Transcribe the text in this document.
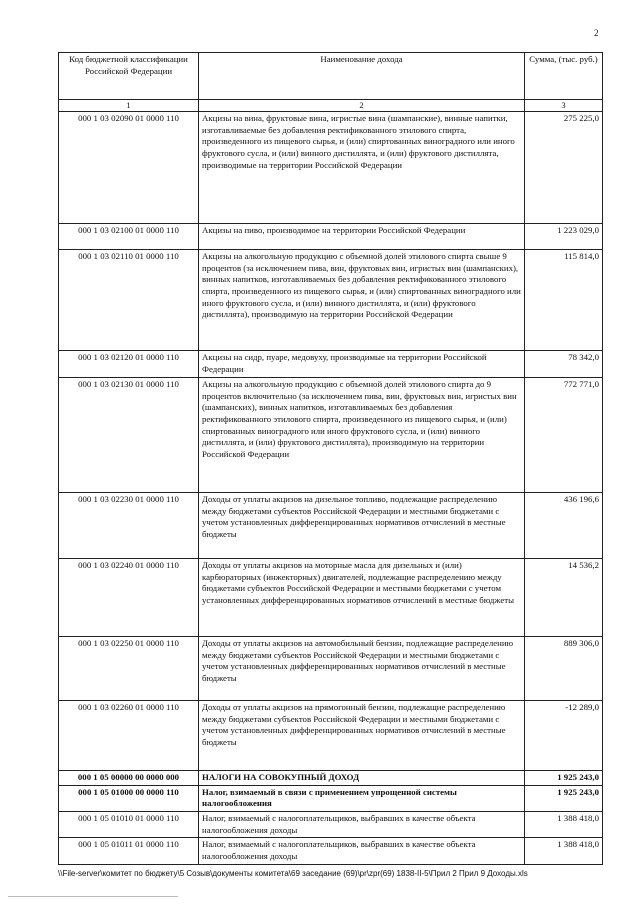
2
Код бюджетной классификации Российской Федерации	Наименование дохода	Сумма, (тыс. руб.)
1	2	3
000 1 03 02090 01 0000 110	Акцизы на вина, фруктовые вина, игристые вина (шампанские), винные напитки, изготавливаемые без добавления ректификованного этилового спирта, произведенного из пищевого сырья, и (или) спиртованных виноградного или иного фруктового сусла, и (или) винного дистиллята, и (или) фруктового дистиллята, производимые на территории Российской Федерации	275 225,0
000 1 03 02100 01 0000 110	Акцизы на пиво, производимое на территории Российской Федерации	1 223 029,0
000 1 03 02110 01 0000 110	Акцизы на алкогольную продукцию с объемной долей этилового спирта свыше 9 процентов (за исключением пива, вин, фруктовых вин, игристых вин (шампанских), винных напитков, изготавливаемых без добавления ректификованного этилового спирта, произведенного из пищевого сырья, и (или) спиртованных виноградного или иного фруктового сусла, и (или) винного дистиллята, и (или) фруктового дистиллята), производимую на территории Российской Федерации	115 814,0
000 1 03 02120 01 0000 110	Акцизы на сидр, пуаре, медовуху, производимые на территории Российской Федерации	78 342,0
000 1 03 02130 01 0000 110	Акцизы на алкогольную продукцию с объемной долей этилового спирта до 9 процентов включительно (за исключением пива, вин, фруктовых вин, игристых вин (шампанских), винных напитков, изготавливаемых без добавления ректификованного этилового спирта, произведенного из пищевого сырья, и (или) спиртованных виноградного или иного фруктового сусла, и (или) винного дистиллята, и (или) фруктового дистиллята), производимую на территории Российской Федерации	772 771,0
000 1 03 02230 01 0000 110	Доходы от уплаты акцизов на дизельное топливо, подлежащие распределению между бюджетами субъектов Российской Федерации и местными бюджетами с учетом установленных дифференцированных нормативов отчислений в местные бюджеты	436 196,6
000 1 03 02240 01 0000 110	Доходы от уплаты акцизов на моторные масла для дизельных и (или) карбюраторных (инжекторных) двигателей, подлежащие распределению между бюджетами субъектов Российской Федерации и местными бюджетами с учетом установленных дифференцированных нормативов отчислений в местные бюджеты	14 536,2
000 1 03 02250 01 0000 110	Доходы от уплаты акцизов на автомобильный бензин, подлежащие распределению между бюджетами субъектов Российской Федерации и местными бюджетами с учетом установленных дифференцированных нормативов отчислений в местные бюджеты	889 306,0
000 1 03 02260 01 0000 110	Доходы от уплаты акцизов на прямогонный бензин, подлежащие распределению между бюджетами субъектов Российской Федерации и местными бюджетами с учетом установленных дифференцированных нормативов отчислений в местные бюджеты	-12 289,0
000 1 05 00000 00 0000 000	НАЛОГИ НА СОВОКУПНЫЙ ДОХОД	1 925 243,0
000 1 05 01000 00 0000 110	Налог, взимаемый в связи с применением упрощенной системы налогообложения	1 925 243,0
000 1 05 01010 01 0000 110	Налог, взимаемый с налогоплательщиков, выбравших в качестве объекта налогообложения доходы	1 388 418,0
000 1 05 01011 01 0000 110	Налог, взимаемый с налогоплательщиков, выбравших в качестве объекта налогообложения доходы	1 388 418,0
\\File-server\комитет по бюджету\5 Созыв\документы комитета\69 заседание (69)\pr\zpr(69) 1838-II-5\Прил 2 Прил 9 Доходы.xls
